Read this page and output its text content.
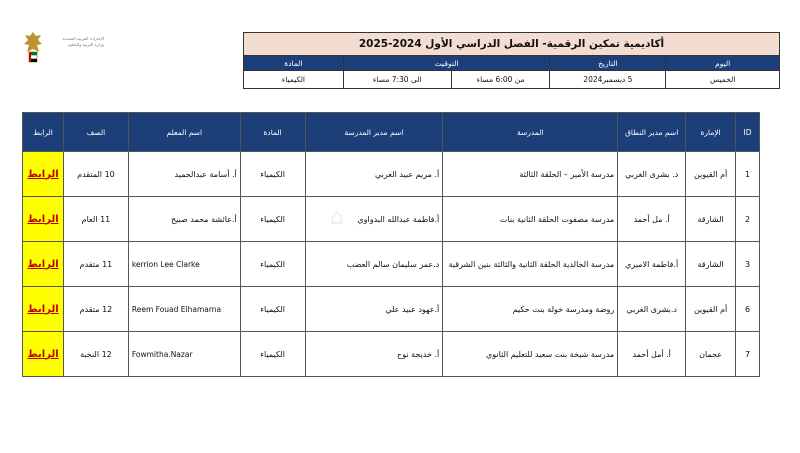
الإمارات العربية المتحدة
وزارة التربية والتعليم	أكاديمية تمكين الرقمية- الفصل الدراسي الأول 2024-2025				
اليوم	التاريخ	التوقيت		المادة
الخميس	5 ديسمبر2024	من 6:00 مساء	الى 7:30 مساء	الكيمياء
⌂
ID	الإمارة	اسم مدير النطاق	المدرسة	اسم مدير المدرسة	المادة	اسم المعلم	الصف	الرابط
1	أم القيوين	د. بشرى الغربي	مدرسة الأمير – الحلقة الثالثة	أ. مريم عبيد الغربي	الكيمياء	أ. أسامة عبدالحميد	10 المتقدم	الرابط
2	الشارقة	أ. مل أحمد	مدرسة مصفوت الحلقة الثانية بنات	أ.فاطمة عبدالله البدواوي	الكيمياء	أ.عائشة محمد صبيح	11 العام	الرابط
3	الشارقة	أ.فاطمة الاميري	مدرسة الخالدية الحلقة الثانية والثالثة بنين الشرقية	د.عمر سليمان سالم العضب	الكيمياء	kerrion Lee Clarke	11 متقدم	الرابط
6	أم القيوين	د.بشرى الغربي	روضة ومدرسة خولة بنت حكيم	أ.عهود عبيد علي	الكيمياء	Reem Fouad Elhamarna	12 متقدم	الرابط
7	عجمان	أ. أمل أحمد	مدرسة شيخة بنت سعيد للتعليم الثانوي	أ. خديجة نوح	الكيمياء	Fowmitha.Nazar	12 النخبة	الرابط
